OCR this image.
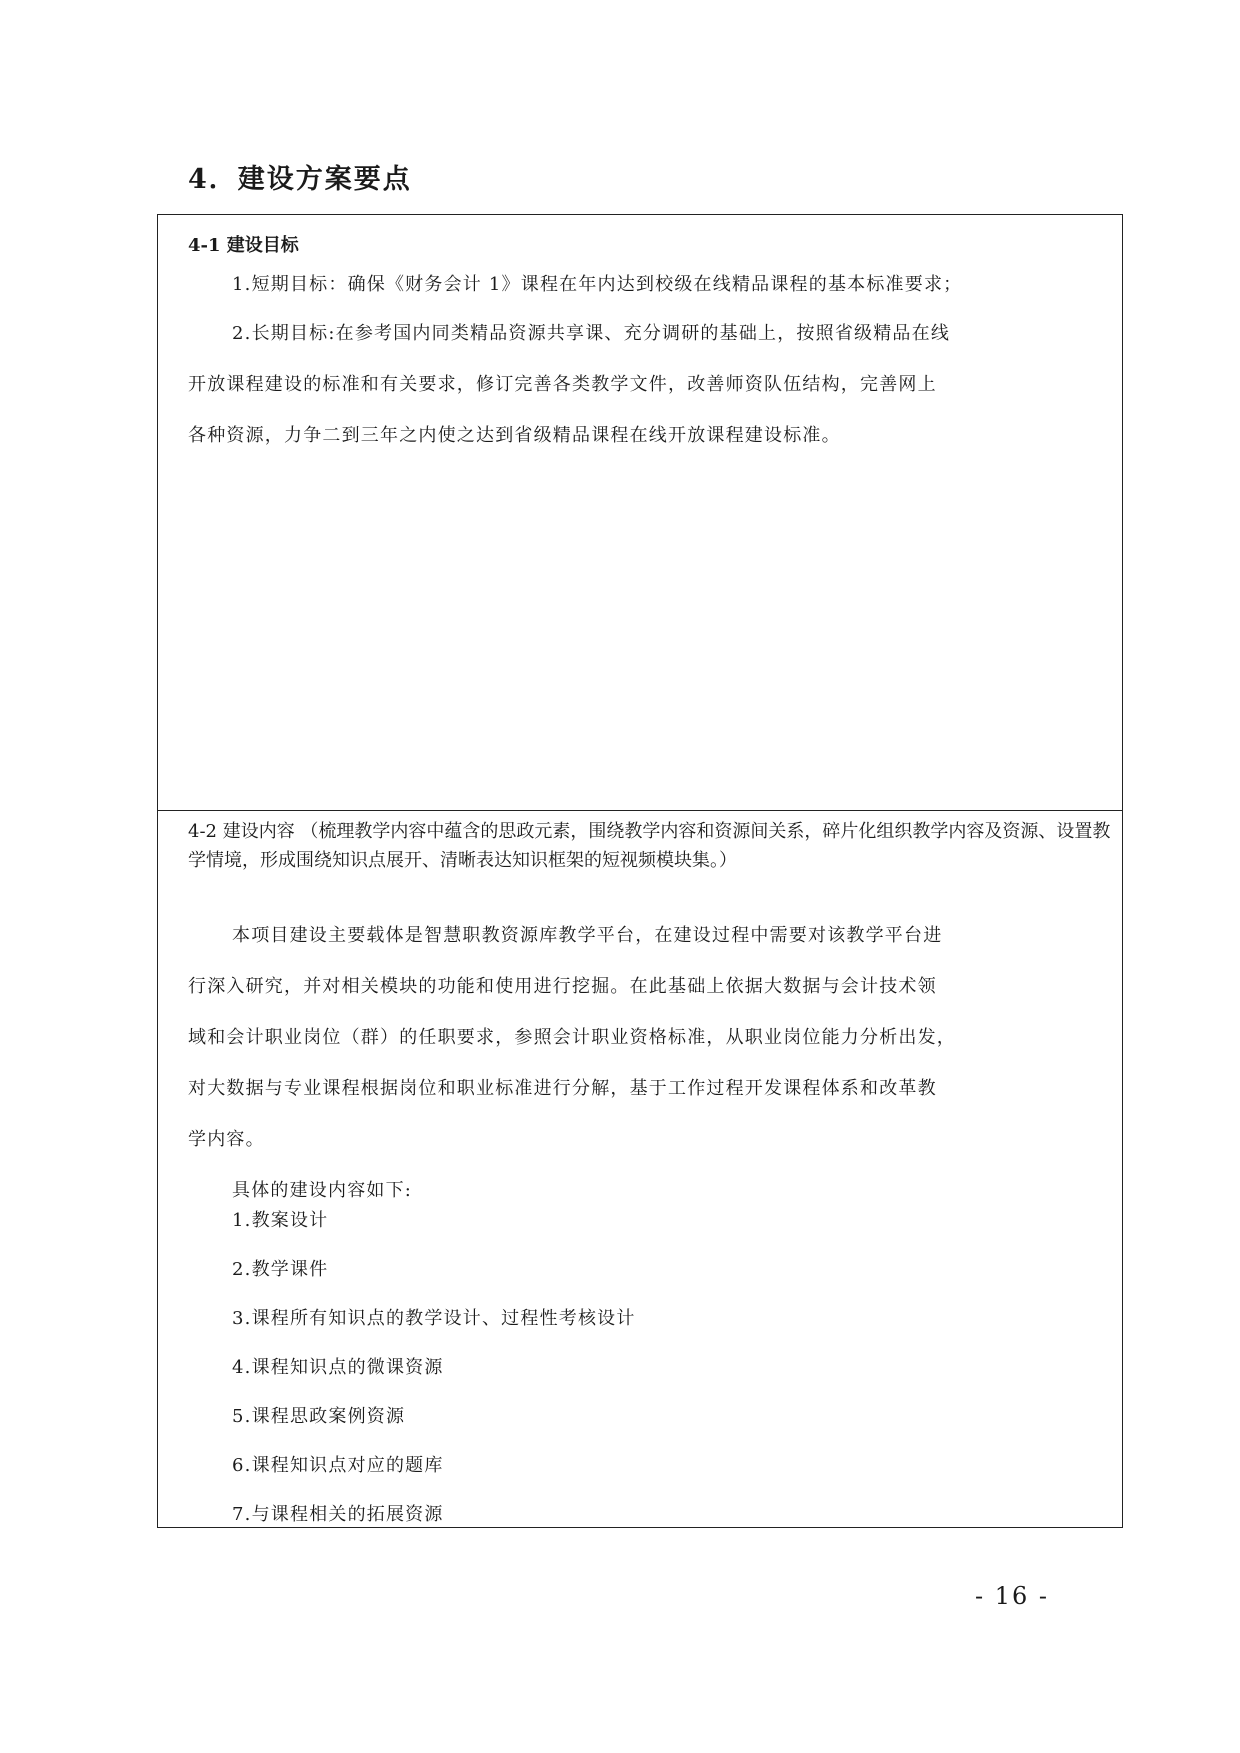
4．建设方案要点
4-1 建设目标
1.短期目标：确保《财务会计 1》课程在年内达到校级在线精品课程的基本标准要求；
2.长期目标:在参考国内同类精品资源共享课、充分调研的基础上，按照省级精品在线
开放课程建设的标准和有关要求，修订完善各类教学文件，改善师资队伍结构，完善网上
各种资源，力争二到三年之内使之达到省级精品课程在线开放课程建设标准。
4-2 建设内容 （梳理教学内容中蕴含的思政元素，围绕教学内容和资源间关系，碎片化组织教学内容及资源、设置教学情境，形成围绕知识点展开、清晰表达知识框架的短视频模块集。）
本项目建设主要载体是智慧职教资源库教学平台，在建设过程中需要对该教学平台进
行深入研究，并对相关模块的功能和使用进行挖掘。在此基础上依据大数据与会计技术领
域和会计职业岗位（群）的任职要求，参照会计职业资格标准，从职业岗位能力分析出发，
对大数据与专业课程根据岗位和职业标准进行分解，基于工作过程开发课程体系和改革教
学内容。
具体的建设内容如下:
1.教案设计
2.教学课件
3.课程所有知识点的教学设计、过程性考核设计
4.课程知识点的微课资源
5.课程思政案例资源
6.课程知识点对应的题库
7.与课程相关的拓展资源
- 16 -
